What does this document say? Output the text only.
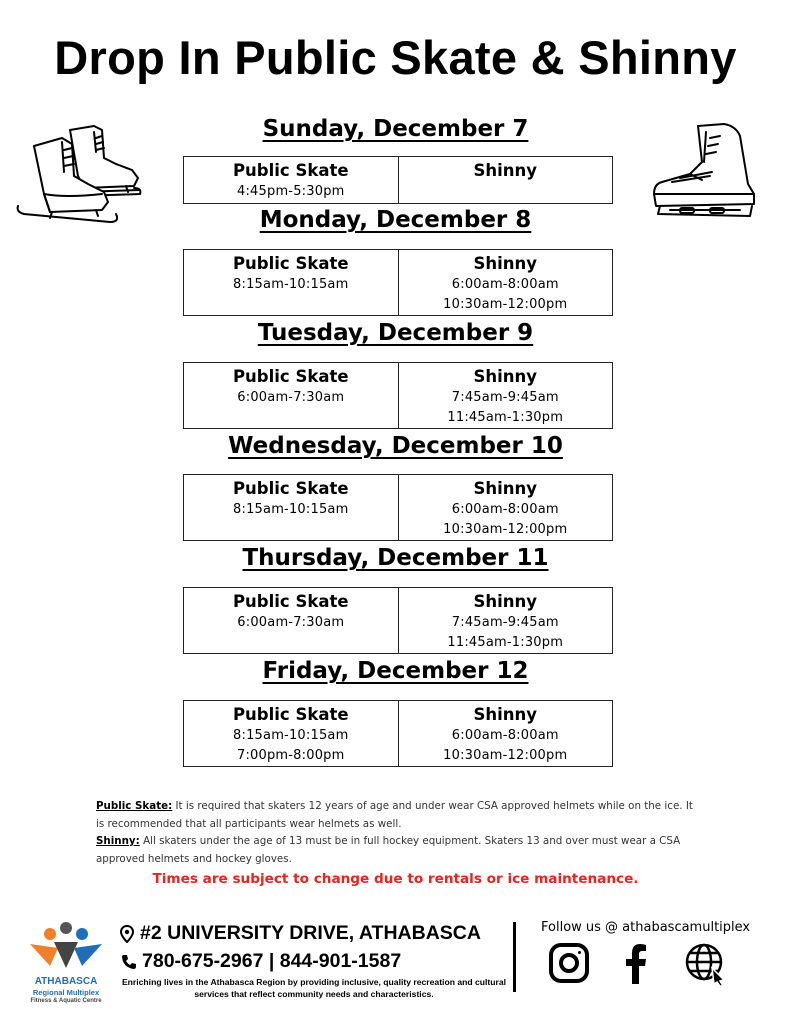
Drop In Public Skate & Shinny
Sunday, December 7
Public Skate
4:45pm-5:30pm
Shinny
Monday, December 8
Public Skate
8:15am-10:15am
Shinny
6:00am-8:00am
10:30am-12:00pm
Tuesday, December 9
Public Skate
6:00am-7:30am
Shinny
7:45am-9:45am
11:45am-1:30pm
Wednesday, December 10
Public Skate
8:15am-10:15am
Shinny
6:00am-8:00am
10:30am-12:00pm
Thursday, December 11
Public Skate
6:00am-7:30am
Shinny
7:45am-9:45am
11:45am-1:30pm
Friday, December 12
Public Skate
8:15am-10:15am
7:00pm-8:00pm
Shinny
6:00am-8:00am
10:30am-12:00pm
Public Skate: It is required that skaters 12 years of age and under wear CSA approved helmets while on the ice. It is recommended that all participants wear helmets as well.
Shinny: All skaters under the age of 13 must be in full hockey equipment. Skaters 13 and over must wear a CSA approved helmets and hockey gloves.
Times are subject to change due to rentals or ice maintenance.
ATHABASCA
Regional Multiplex
Fitness & Aquatic Centre
#2 UNIVERSITY DRIVE, ATHABASCA
780-675-2967 | 844-901-1587
Enriching lives in the Athabasca Region by providing inclusive, quality recreation and cultural services that reflect community needs and characteristics.
Follow us @ athabascamultiplex
